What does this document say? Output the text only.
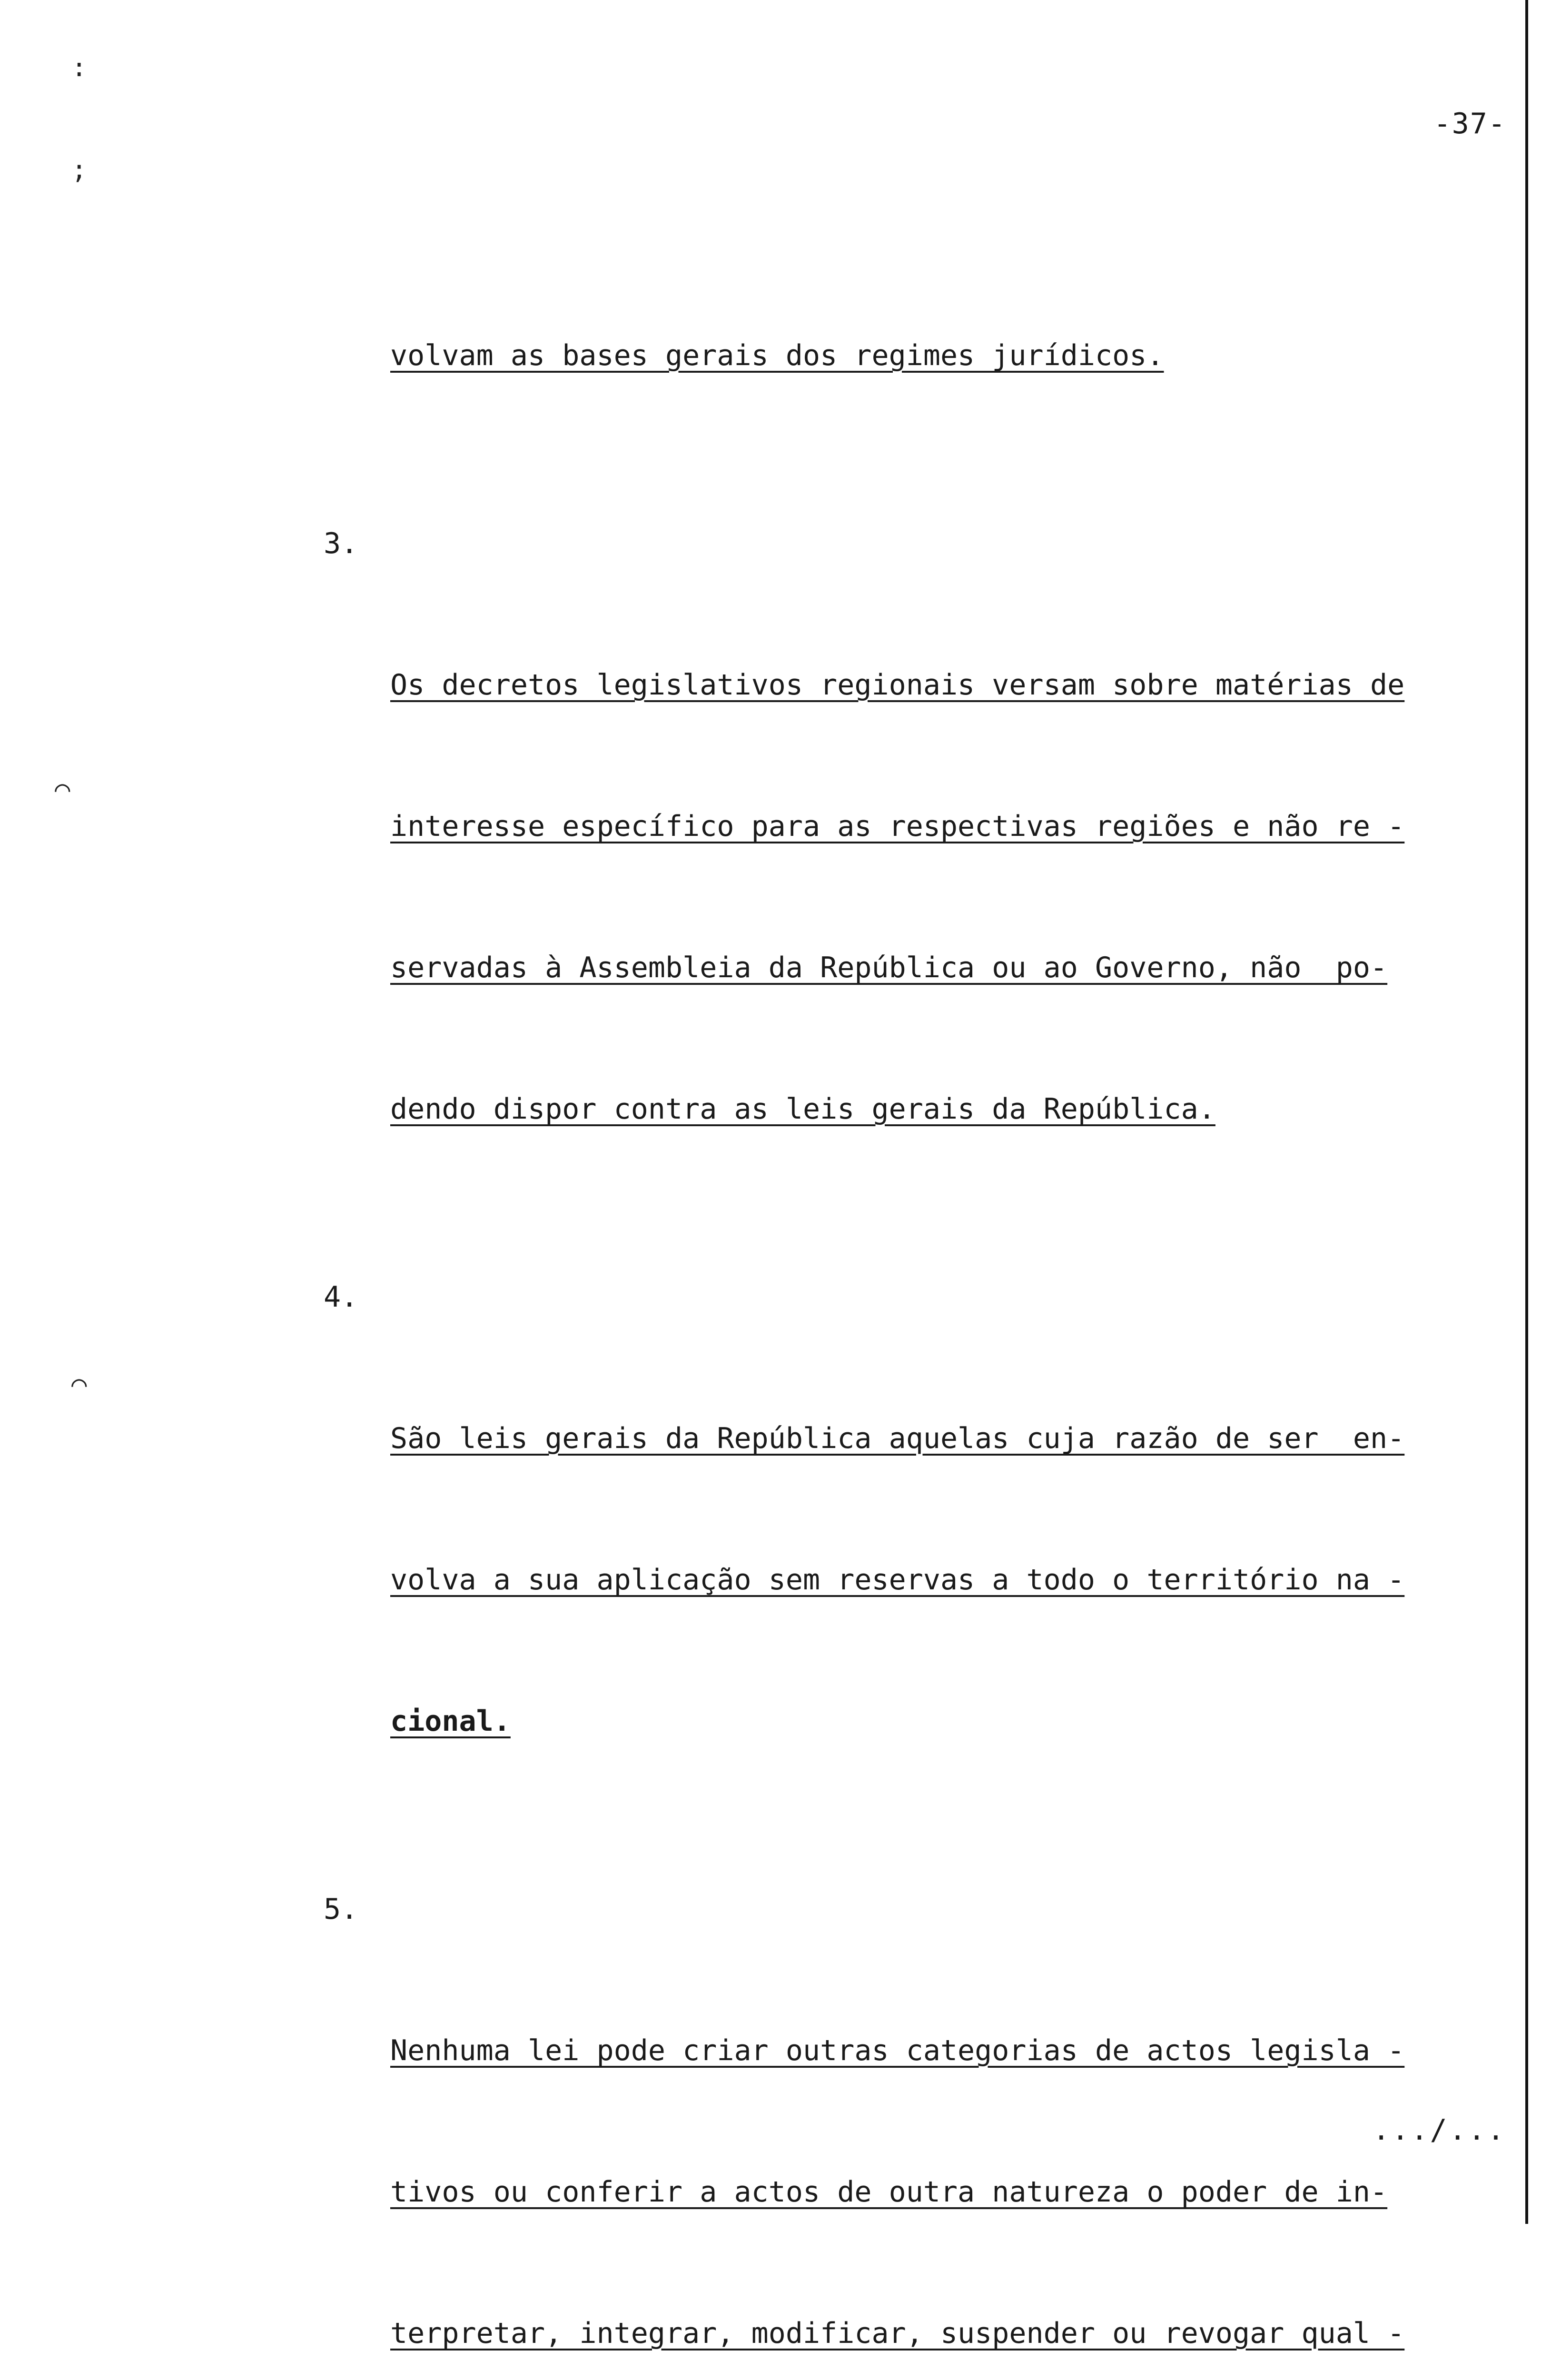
-37-
:
;
⌒
⌒

volvam as bases gerais dos regimes jurídicos.

3.

Os decretos legislativos regionais versam sobre matérias de

interesse específico para as respectivas regiões e não re -

servadas à Assembleia da República ou ao Governo, não  po-

dendo dispor contra as leis gerais da República.

4.

São leis gerais da República aquelas cuja razão de ser  en-

volva a sua aplicação sem reservas a todo o território na -

cional.

5.

Nenhuma lei pode criar outras categorias de actos legisla -

tivos ou conferir a actos de outra natureza o poder de in-

terpretar, integrar, modificar, suspender ou revogar qual -

.../...
